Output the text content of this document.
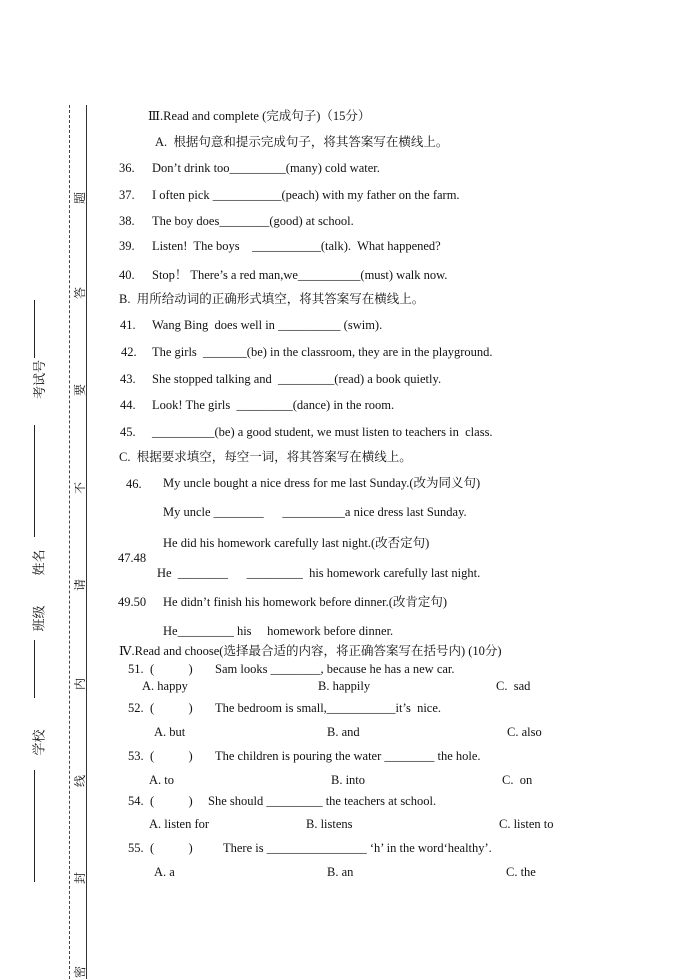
考试号
姓名
班级
学校
题
答
要
不
请
内
线
封
密
Ⅲ.Read and complete (完成句子)（15分）
A.  根据句意和提示完成句子，将其答案写在横线上。
36. Don’t drink too_________(many) cold water.
37. I often pick ___________(peach) with my father on the farm.
38. The boy does________(good) at school.
39. Listen!  The boys    ___________(talk).  What happened?
40. Stop！ There’s a red man,we__________(must) walk now.
B.  用所给动词的正确形式填空，将其答案写在横线上。
41. Wang Bing  does well in __________ (swim).
42. The girls  _______(be) in the classroom, they are in the playground.
43. She stopped talking and  _________(read) a book quietly.
44. Look! The girls  _________(dance) in the room.
45. __________(be) a good student, we must listen to teachers in  class.
C.  根据要求填空，每空一词，将其答案写在横线上。
46. My uncle bought a nice dress for me last Sunday.(改为同义句)
My uncle ________      __________a nice dress last Sunday.
He did his homework carefully last night.(改否定句)
47.48
He  ________      _________  his homework carefully last night.
49.50 He didn’t finish his homework before dinner.(改肯定句)
He_________ his     homework before dinner.
Ⅳ.Read and choose(选择最合适的内容，将正确答案写在括号内) (10分)
51. (           ) Sam looks ________, because he has a new car.
A. happy	B. happily	C.  sad
52. (           ) The bedroom is small,___________it’s  nice.
A. but	B. and	C. also
53. (           ) The children is pouring the water ________ the hole.
A. to	B. into	C.  on
54. (           ) She should _________ the teachers at school.
A. listen for	B. listens	C. listen to
55. (           ) There is ________________ ‘h’ in the word‘healthy’.
A. a	B. an	C. the
